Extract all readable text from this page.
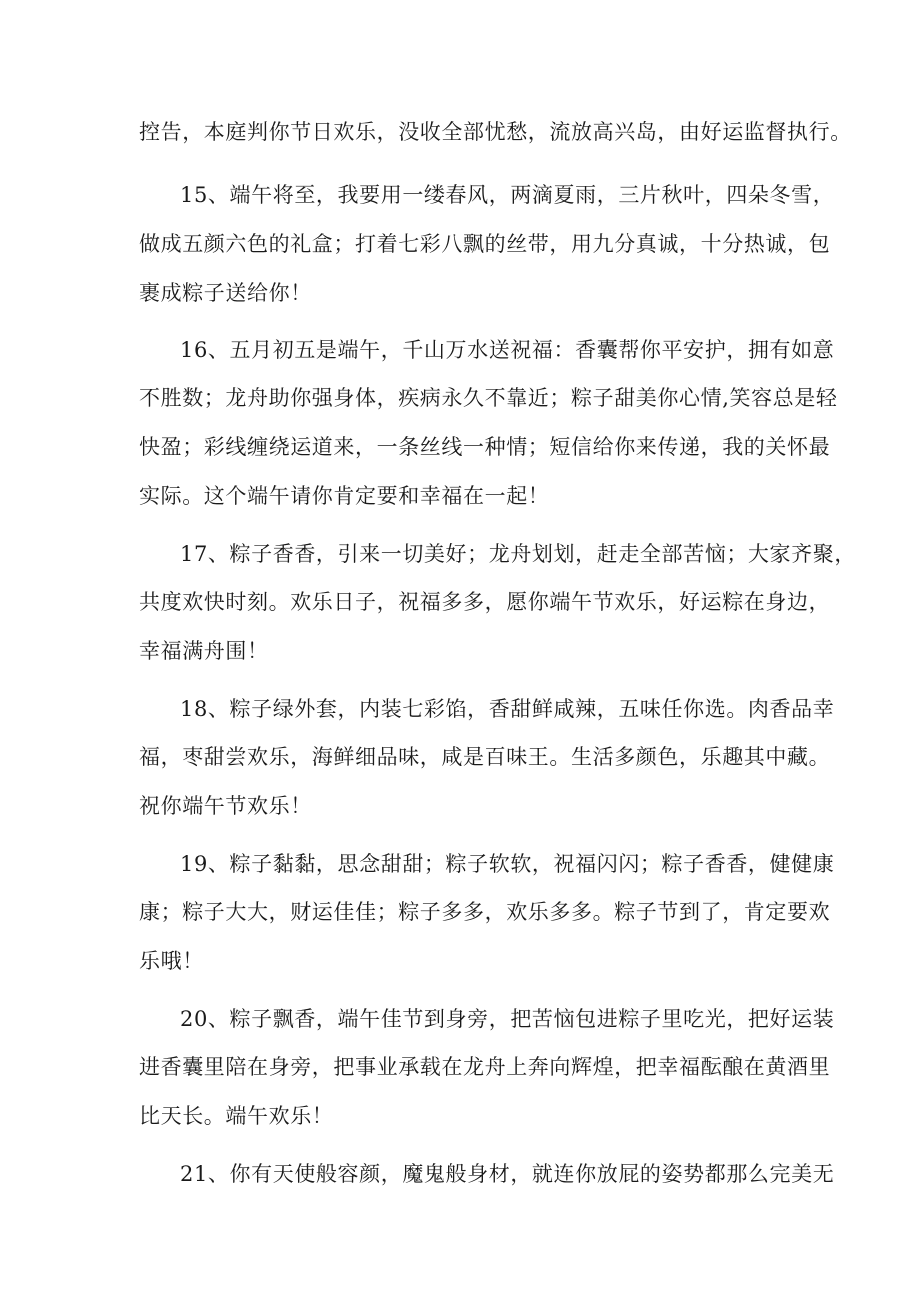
控告，本庭判你节日欢乐，没收全部忧愁，流放高兴岛，由好运监督执行。
15、端午将至，我要用一缕春风，两滴夏雨，三片秋叶，四朵冬雪，
做成五颜六色的礼盒；打着七彩八飘的丝带，用九分真诚，十分热诚，包
裹成粽子送给你！
16、五月初五是端午，千山万水送祝福：香囊帮你平安护，拥有如意
不胜数；龙舟助你强身体，疾病永久不靠近；粽子甜美你心情,笑容总是轻
快盈；彩线缠绕运道来，一条丝线一种情；短信给你来传递，我的关怀最
实际。这个端午请你肯定要和幸福在一起！
17、粽子香香，引来一切美好；龙舟划划，赶走全部苦恼；大家齐聚，
共度欢快时刻。欢乐日子，祝福多多，愿你端午节欢乐，好运粽在身边，
幸福满舟围！
18、粽子绿外套，内装七彩馅，香甜鲜咸辣，五味任你选。肉香品幸
福，枣甜尝欢乐，海鲜细品味，咸是百味王。生活多颜色，乐趣其中藏。
祝你端午节欢乐！
19、粽子黏黏，思念甜甜；粽子软软，祝福闪闪；粽子香香，健健康
康；粽子大大，财运佳佳；粽子多多，欢乐多多。粽子节到了，肯定要欢
乐哦！
20、粽子飘香，端午佳节到身旁，把苦恼包进粽子里吃光，把好运装
进香囊里陪在身旁，把事业承载在龙舟上奔向辉煌，把幸福酝酿在黄酒里
比天长。端午欢乐！
21、你有天使般容颜，魔鬼般身材，就连你放屁的姿势都那么完美无
